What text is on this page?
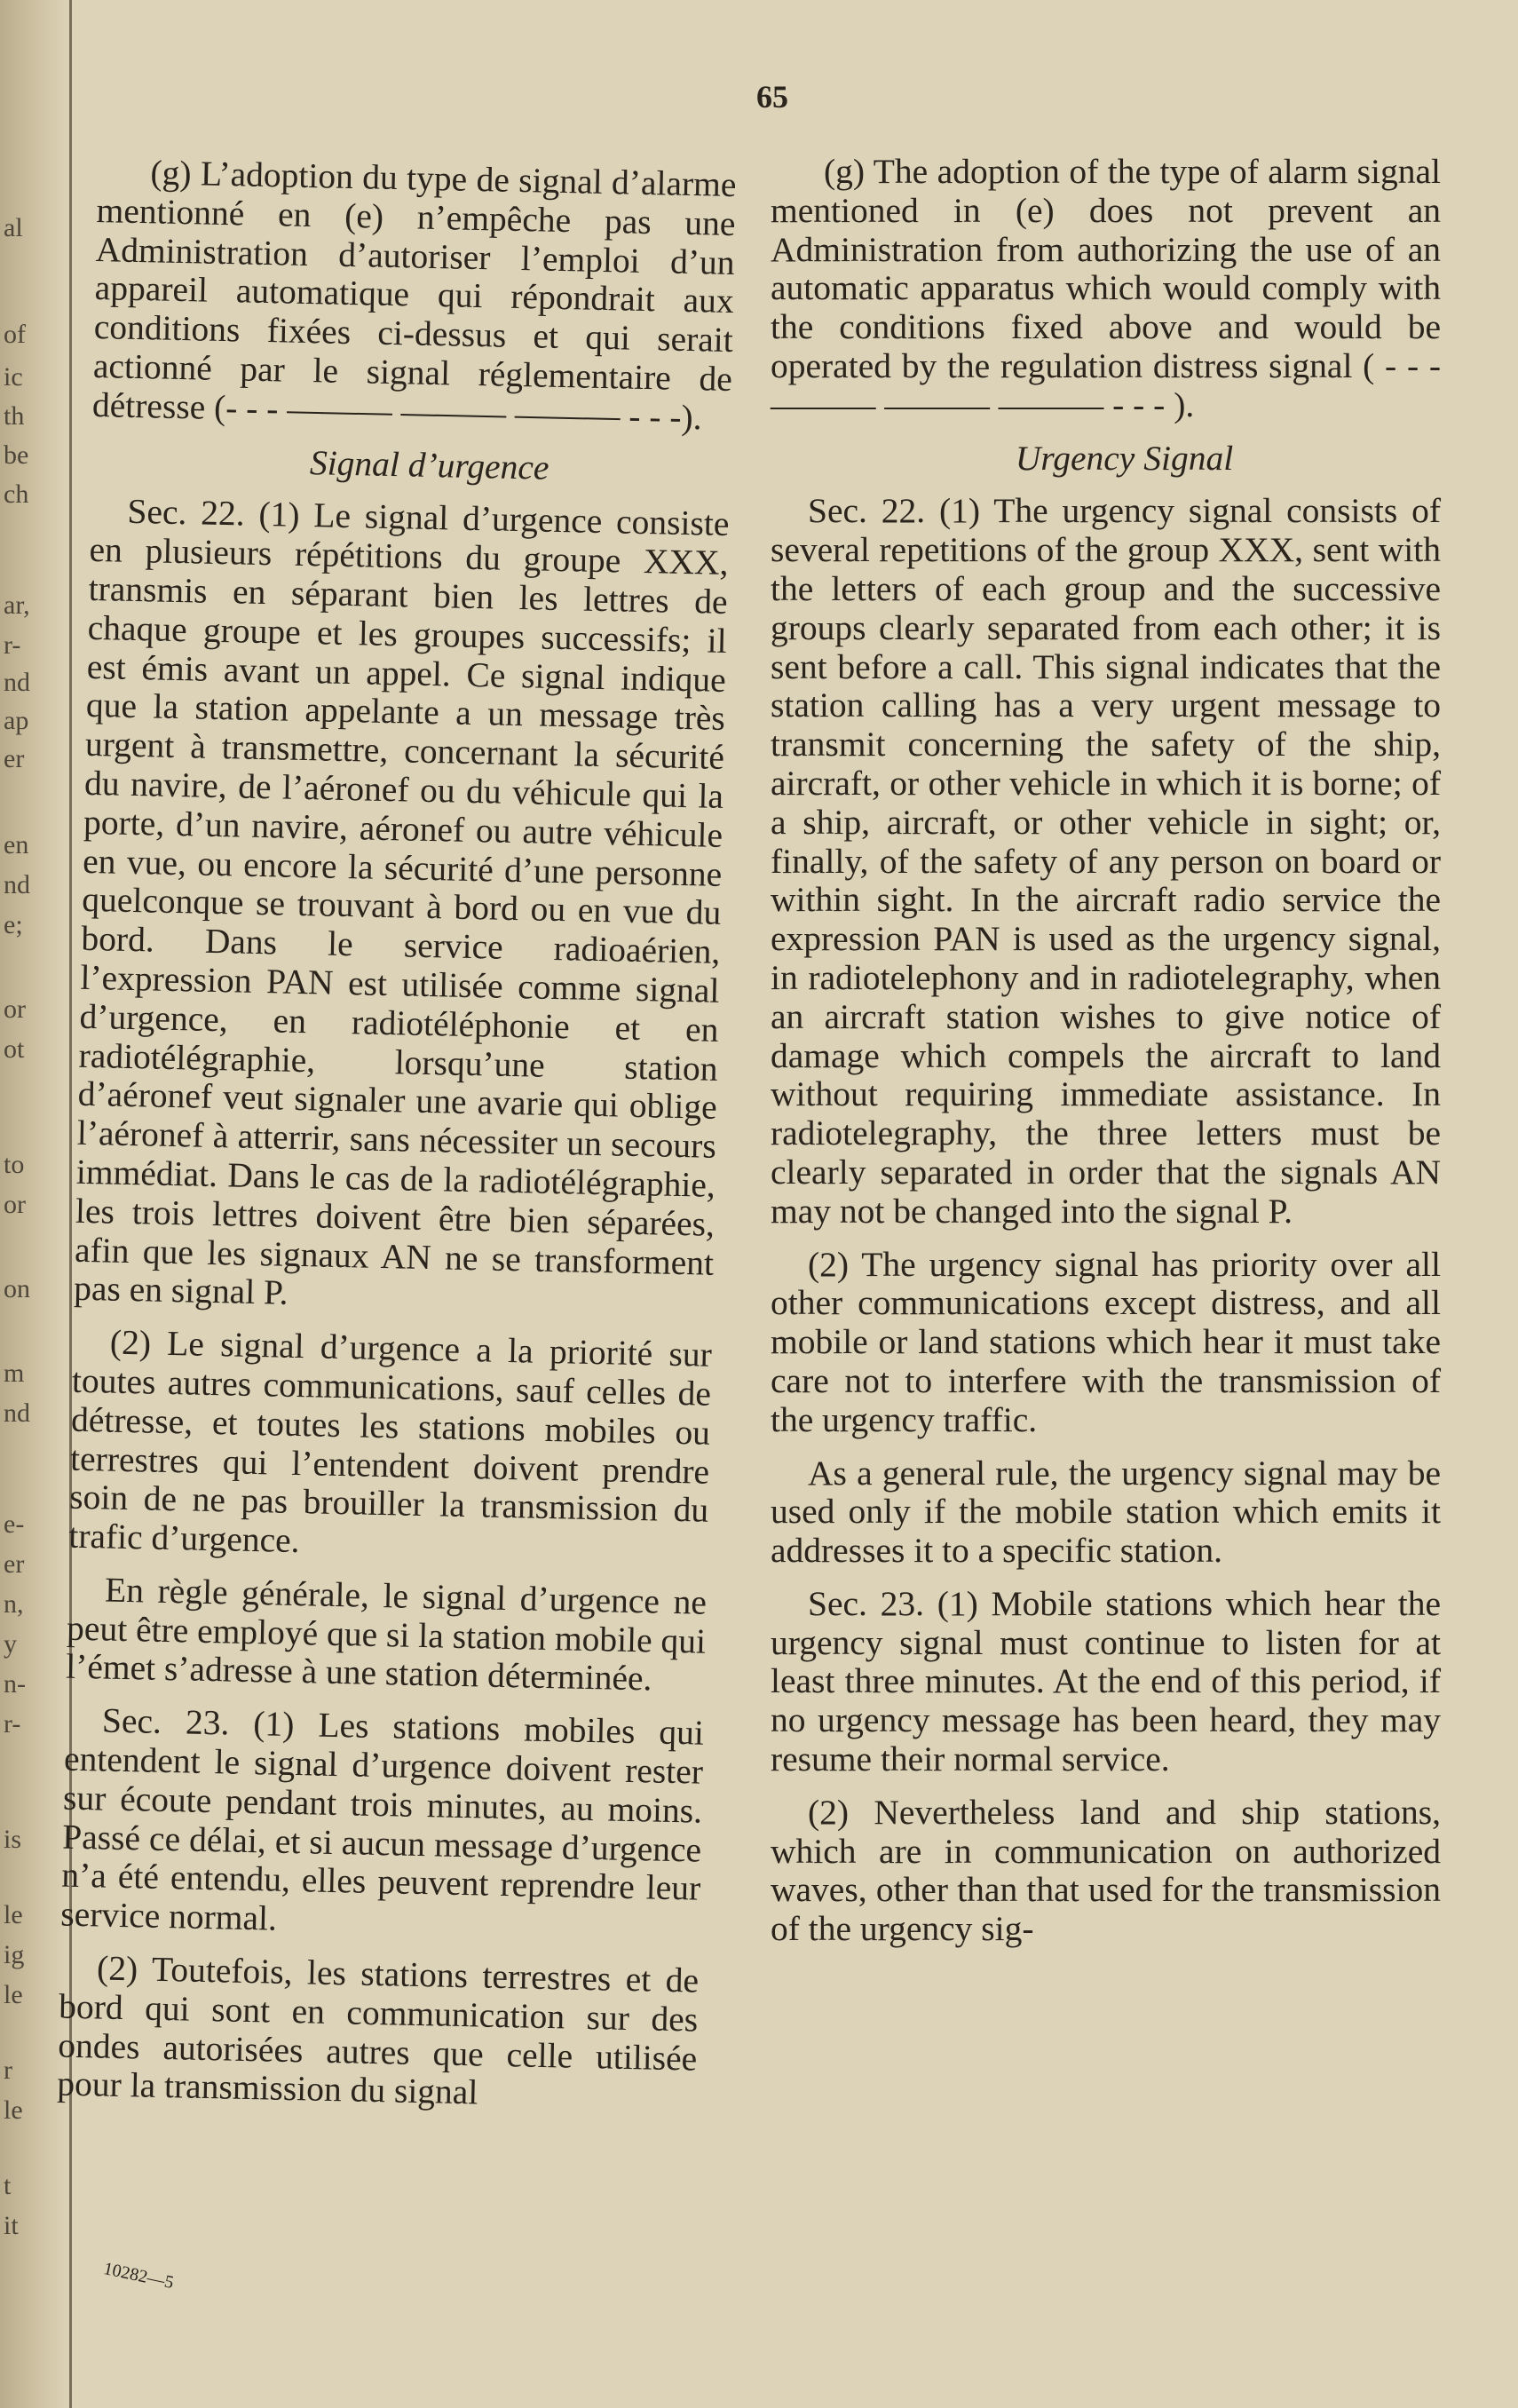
al
of
ic
th
be
ch
ar,
r-
nd
ap
er
en
nd
e;
or
ot
to
or
on
m
nd
e-
er
n,
y
n-
r-
is
le
ig
le
r
le
t
it
65

(g) L’adoption du type de signal d’alarme mentionné en (e) n’empêche pas une Administration d’autoriser l’emploi d’un appareil automatique qui répondrait aux conditions fixées ci-dessus et qui serait actionné par le signal réglementaire de détresse (- - - ——— ——— ——— - - -).

Signal d’urgence

Sec. 22. (1) Le signal d’urgence consiste en plusieurs répétitions du groupe XXX, transmis en séparant bien les lettres de chaque groupe et les groupes successifs; il est émis avant un appel. Ce signal indique que la station appelante a un message très urgent à transmettre, concernant la sécurité du navire, de l’aéronef ou du véhicule qui la porte, d’un navire, aéronef ou autre véhicule en vue, ou encore la sécurité d’une personne quelconque se trouvant à bord ou en vue du bord. Dans le service radioaérien, l’expression PAN est utilisée comme signal d’urgence, en radiotéléphonie et en radiotélégraphie, lorsqu’une station d’aéronef veut signaler une avarie qui oblige l’aéronef à atterrir, sans nécessiter un secours immédiat. Dans le cas de la radiotélégraphie, les trois lettres doivent être bien séparées, afin que les signaux AN ne se transforment pas en signal P.

(2) Le signal d’urgence a la priorité sur toutes autres communications, sauf celles de détresse, et toutes les stations mobiles ou terrestres qui l’entendent doivent prendre soin de ne pas brouiller la transmission du trafic d’urgence.

En règle générale, le signal d’urgence ne peut être employé que si la station mobile qui l’émet s’adresse à une station déterminée.

Sec. 23. (1) Les stations mobiles qui entendent le signal d’urgence doivent rester sur écoute pendant trois minutes, au moins. Passé ce délai, et si aucun message d’urgence n’a été entendu, elles peuvent reprendre leur service normal.

(2) Toutefois, les stations terrestres et de bord qui sont en communication sur des ondes autorisées autres que celle utilisée pour la transmission du signal

(g) The adoption of the type of alarm signal mentioned in (e) does not prevent an Administration from authorizing the use of an automatic apparatus which would comply with the conditions fixed above and would be operated by the regulation distress signal ( - - - ——— ——— ——— - - - ).

Urgency Signal

Sec. 22. (1) The urgency signal consists of several repetitions of the group XXX, sent with the letters of each group and the successive groups clearly separated from each other; it is sent before a call. This signal indicates that the station calling has a very urgent message to transmit concerning the safety of the ship, aircraft, or other vehicle in which it is borne; of a ship, aircraft, or other vehicle in sight; or, finally, of the safety of any person on board or within sight. In the aircraft radio service the expression PAN is used as the urgency signal, in radiotelephony and in radiotelegraphy, when an aircraft station wishes to give notice of damage which compels the aircraft to land without requiring immediate assistance. In radiotelegraphy, the three letters must be clearly separated in order that the signals AN may not be changed into the signal P.

(2) The urgency signal has priority over all other communications except distress, and all mobile or land stations which hear it must take care not to interfere with the transmission of the urgency traffic.

As a general rule, the urgency signal may be used only if the mobile station which emits it addresses it to a specific station.

Sec. 23. (1) Mobile stations which hear the urgency signal must continue to listen for at least three minutes. At the end of this period, if no urgency message has been heard, they may resume their normal service.

(2) Nevertheless land and ship stations, which are in communication on authorized waves, other than that used for the transmission of the urgency sig-

10282—5
